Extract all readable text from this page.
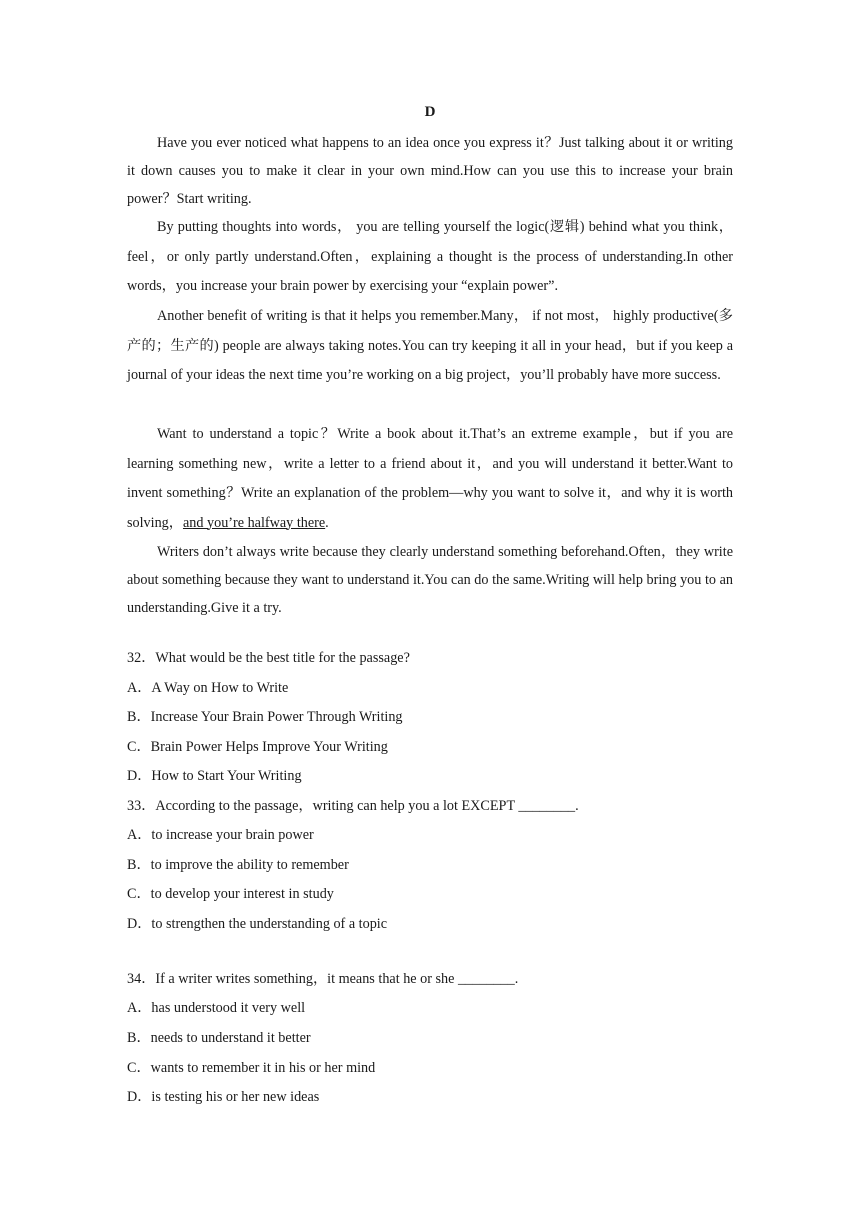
D

Have you ever noticed what happens to an idea once you express it？Just talking about it or writing it down causes you to make it clear in your own mind.How can you use this to increase your brain power？Start writing.

By putting thoughts into words， you are telling yourself the logic(逻辑) behind what you think，feel，or only partly understand.Often，explaining a thought is the process of understanding.In other words，you increase your brain power by exercising your “explain power”.

Another benefit of writing is that it helps you remember.Many， if not most， highly productive(多产的；生产的) people are always taking notes.You can try keeping it all in your head，but if you keep a journal of your ideas the next time you’re working on a big project，you’ll probably have more success.

Want to understand a topic？Write a book about it.That’s an extreme example，but if you are learning something new，write a letter to a friend about it，and you will understand it better.Want to invent something？Write an explanation of the problem—why you want to solve it，and why it is worth solving，and you’re halfway there.

Writers don’t always write because they clearly understand something beforehand.Often，they write about something because they want to understand it.You can do the same.Writing will help bring you to an understanding.Give it a try.

32．What would be the best title for the passage?
A．A Way on How to Write
B．Increase Your Brain Power Through Writing
C．Brain Power Helps Improve Your Writing
D．How to Start Your Writing
33．According to the passage，writing can help you a lot EXCEPT ________.
A．to increase your brain power
B．to improve the ability to remember
C．to develop your interest in study
D．to strengthen the understanding of a topic
34．If a writer writes something，it means that he or she ________.
A．has understood it very well
B．needs to understand it better
C．wants to remember it in his or her mind
D．is testing his or her new ideas
